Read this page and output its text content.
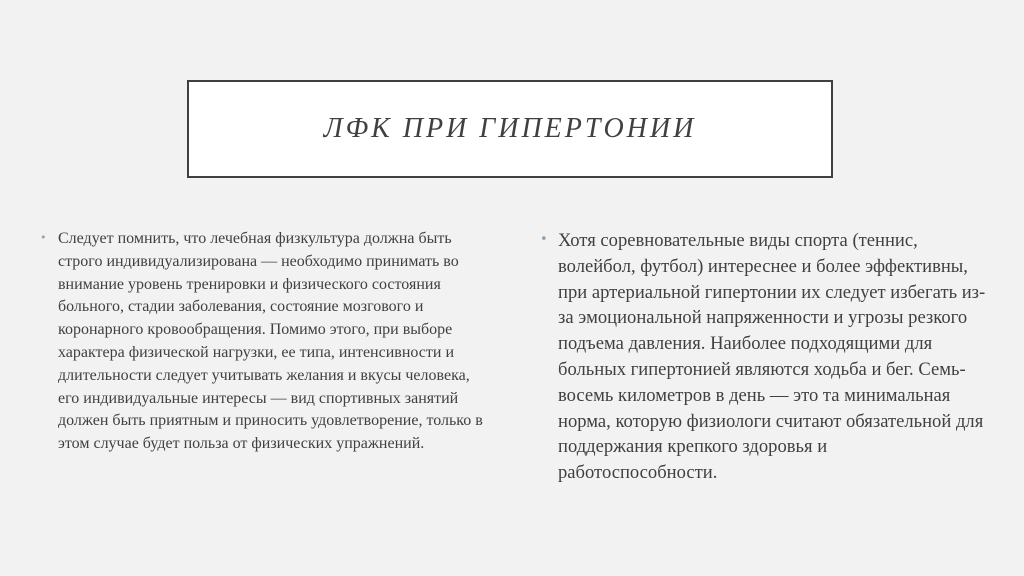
ЛФК ПРИ ГИПЕРТОНИИ
• Следует помнить, что лечебная физкультура должна быть строго индивидуализирована — необходимо принимать во внимание уровень тренировки и физического состояния больного, стадии заболевания, состояние мозгового и коронарного кровообращения. Помимо этого, при выборе характера физической нагрузки, ее типа, интенсивности и длительности следует учитывать желания и вкусы человека, его индивидуальные интересы — вид спортивных занятий должен быть приятным и приносить удовлетворение, только в этом случае будет польза от физических упражнений.

• Хотя соревновательные виды спорта (теннис, волейбол, футбол) интереснее и более эффективны, при артериальной гипертонии их следует избегать из-за эмоциональной напряженности и угрозы резкого подъема давления. Наиболее подходящими для больных гипертонией являются ходьба и бег. Семь-восемь километров в день — это та минимальная норма, которую физиологи считают обязательной для поддержания крепкого здоровья и работоспособности.
